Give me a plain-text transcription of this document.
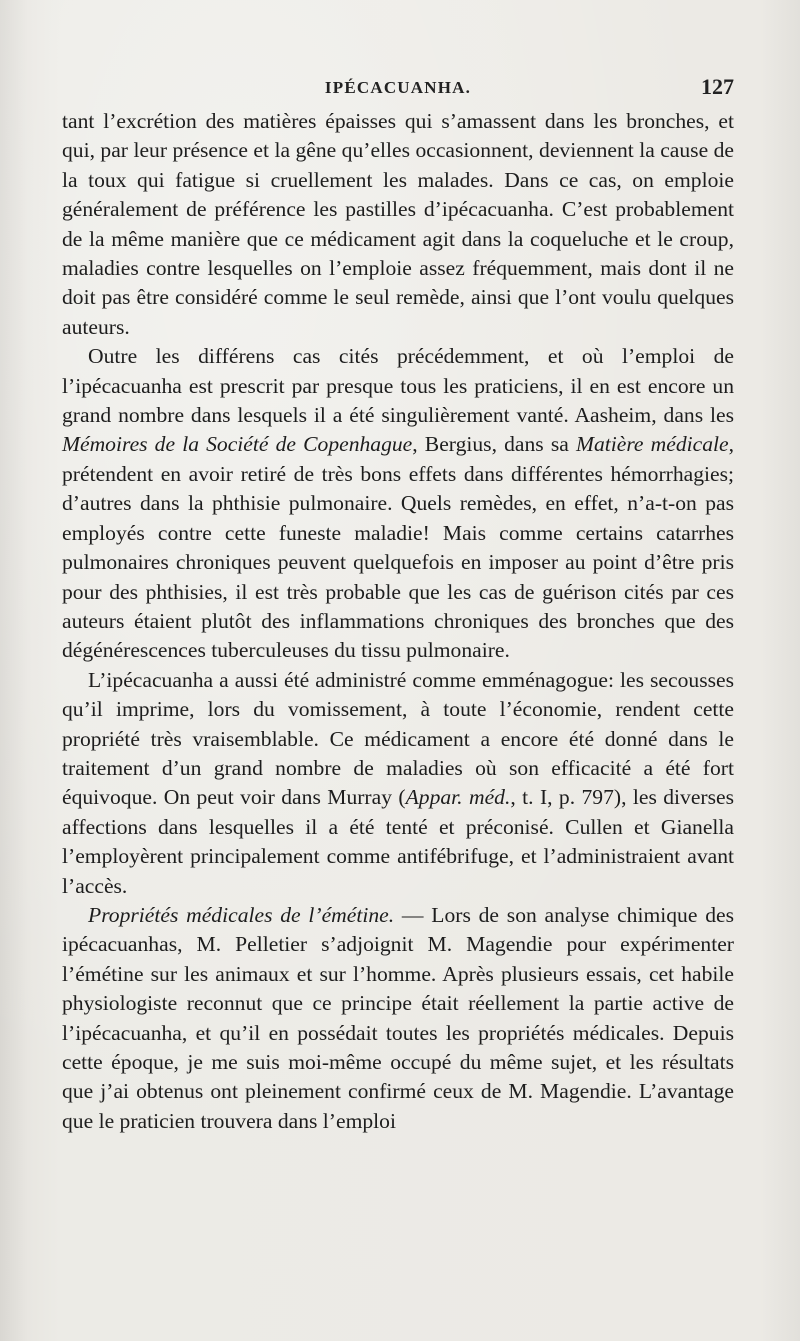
IPÉCACUANHA.	127

tant l’excrétion des matières épaisses qui s’amassent dans les bronches, et qui, par leur présence et la gêne qu’elles occasionnent, deviennent la cause de la toux qui fatigue si cruellement les malades. Dans ce cas, on emploie généralement de préférence les pastilles d’ipécacuanha. C’est probablement de la même manière que ce médicament agit dans la coqueluche et le croup, maladies contre lesquelles on l’emploie assez fréquemment, mais dont il ne doit pas être considéré comme le seul remède, ainsi que l’ont voulu quelques auteurs.

Outre les différens cas cités précédemment, et où l’emploi de l’ipécacuanha est prescrit par presque tous les praticiens, il en est encore un grand nombre dans lesquels il a été singulièrement vanté. Aasheim, dans les Mémoires de la Société de Copenhague, Bergius, dans sa Matière médicale, prétendent en avoir retiré de très bons effets dans différentes hémorrhagies; d’autres dans la phthisie pulmonaire. Quels remèdes, en effet, n’a-t-on pas employés contre cette funeste maladie! Mais comme certains catarrhes pulmonaires chroniques peuvent quelquefois en imposer au point d’être pris pour des phthisies, il est très probable que les cas de guérison cités par ces auteurs étaient plutôt des inflammations chroniques des bronches que des dégénérescences tuberculeuses du tissu pulmonaire.

L’ipécacuanha a aussi été administré comme emménagogue: les secousses qu’il imprime, lors du vomissement, à toute l’économie, rendent cette propriété très vraisemblable. Ce médicament a encore été donné dans le traitement d’un grand nombre de maladies où son efficacité a été fort équivoque. On peut voir dans Murray (Appar. méd., t. I, p. 797), les diverses affections dans lesquelles il a été tenté et préconisé. Cullen et Gianella l’employèrent principalement comme antifébrifuge, et l’administraient avant l’accès.

Propriétés médicales de l’émétine. — Lors de son analyse chimique des ipécacuanhas, M. Pelletier s’adjoignit M. Magendie pour expérimenter l’émétine sur les animaux et sur l’homme. Après plusieurs essais, cet habile physiologiste reconnut que ce principe était réellement la partie active de l’ipécacuanha, et qu’il en possédait toutes les propriétés médicales. Depuis cette époque, je me suis moi-même occupé du même sujet, et les résultats que j’ai obtenus ont pleinement confirmé ceux de M. Magendie. L’avantage que le praticien trouvera dans l’emploi
